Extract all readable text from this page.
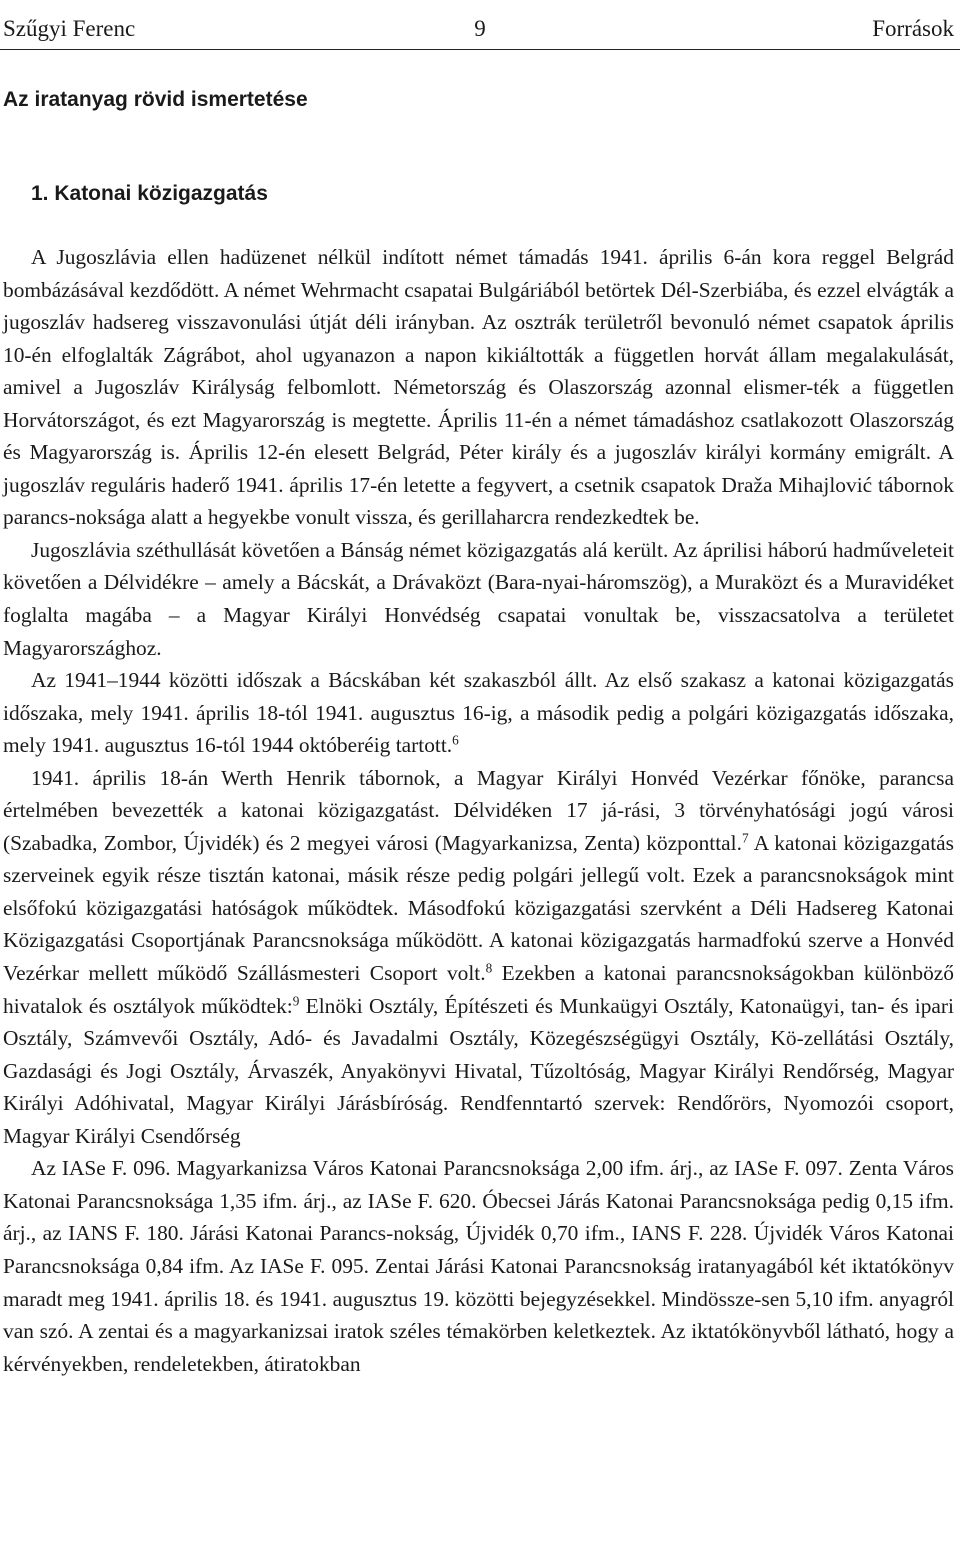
Szűgyi Ferenc	9	Források
Az iratanyag rövid ismertetése
1. Katonai közigazgatás

A Jugoszlávia ellen hadüzenet nélkül indított német támadás 1941. április 6-án kora reggel Belgrád bombázásával kezdődött. A német Wehrmacht csapatai Bulgáriából betörtek Dél-Szerbiába, és ezzel elvágták a jugoszláv hadsereg visszavonulási útját déli irányban. Az osztrák területről bevonuló német csapatok április 10-én elfoglalták Zágrábot, ahol ugyanazon a napon kikiáltották a független horvát állam megalakulását, amivel a Jugoszláv Királyság felbomlott. Németország és Olaszország azonnal elismer-ték a független Horvátországot, és ezt Magyarország is megtette. Április 11-én a német támadáshoz csatlakozott Olaszország és Magyarország is. Április 12-én elesett Belgrád, Péter király és a jugoszláv királyi kormány emigrált. A jugoszláv reguláris haderő 1941. április 17-én letette a fegyvert, a csetnik csapatok Draža Mihajlović tábornok parancs-noksága alatt a hegyekbe vonult vissza, és gerillaharcra rendezkedtek be.

Jugoszlávia széthullását követően a Bánság német közigazgatás alá került. Az áprilisi háború hadműveleteit követően a Délvidékre – amely a Bácskát, a Drávaközt (Bara-nyai-háromszög), a Muraközt és a Muravidéket foglalta magába – a Magyar Királyi Honvédség csapatai vonultak be, visszacsatolva a területet Magyarországhoz.

Az 1941–1944 közötti időszak a Bácskában két szakaszból állt. Az első szakasz a katonai közigazgatás időszaka, mely 1941. április 18-tól 1941. augusztus 16-ig, a második pedig a polgári közigazgatás időszaka, mely 1941. augusztus 16-tól 1944 októberéig tartott.$^6$

1941. április 18-án Werth Henrik tábornok, a Magyar Királyi Honvéd Vezérkar főnöke, parancsa értelmében bevezették a katonai közigazgatást. Délvidéken 17 já-rási, 3 törvényhatósági jogú városi (Szabadka, Zombor, Újvidék) és 2 megyei városi (Magyarkanizsa, Zenta) központtal.$^7$ A katonai közigazgatás szerveinek egyik része tisztán katonai, másik része pedig polgári jellegű volt. Ezek a parancsnokságok mint elsőfokú közigazgatási hatóságok működtek. Másodfokú közigazgatási szervként a Déli Hadsereg Katonai Közigazgatási Csoportjának Parancsnoksága működött. A katonai közigazgatás harmadfokú szerve a Honvéd Vezérkar mellett működő Szállásmesteri Csoport volt.$^8$ Ezekben a katonai parancsnokságokban különböző hivatalok és osztályok működtek:$^9$ Elnöki Osztály, Építészeti és Munkaügyi Osztály, Katonaügyi, tan- és ipari Osztály, Számvevői Osztály, Adó- és Javadalmi Osztály, Közegészségügyi Osztály, Kö-zellátási Osztály, Gazdasági és Jogi Osztály, Árvaszék, Anyakönyvi Hivatal, Tűzoltóság, Magyar Királyi Rendőrség, Magyar Királyi Adóhivatal, Magyar Királyi Járásbíróság. Rendfenntartó szervek: Rendőrörs, Nyomozói csoport, Magyar Királyi Csendőrség

Az IASe F. 096. Magyarkanizsa Város Katonai Parancsnoksága 2,00 ifm. árj., az IASe F. 097. Zenta Város Katonai Parancsnoksága 1,35 ifm. árj., az IASe F. 620. Óbecsei Járás Katonai Parancsnoksága pedig 0,15 ifm. árj., az IANS F. 180. Járási Katonai Parancs-nokság, Újvidék 0,70 ifm., IANS F. 228. Újvidék Város Katonai Parancsnoksága 0,84 ifm. Az IASe F. 095. Zentai Járási Katonai Parancsnokság iratanyagából két iktatókönyv maradt meg 1941. április 18. és 1941. augusztus 19. közötti bejegyzésekkel. Mindössze-sen 5,10 ifm. anyagról van szó. A zentai és a magyarkanizsai iratok széles témakörben keletkeztek. Az iktatókönyvből látható, hogy a kérvényekben, rendeletekben, átiratokban
